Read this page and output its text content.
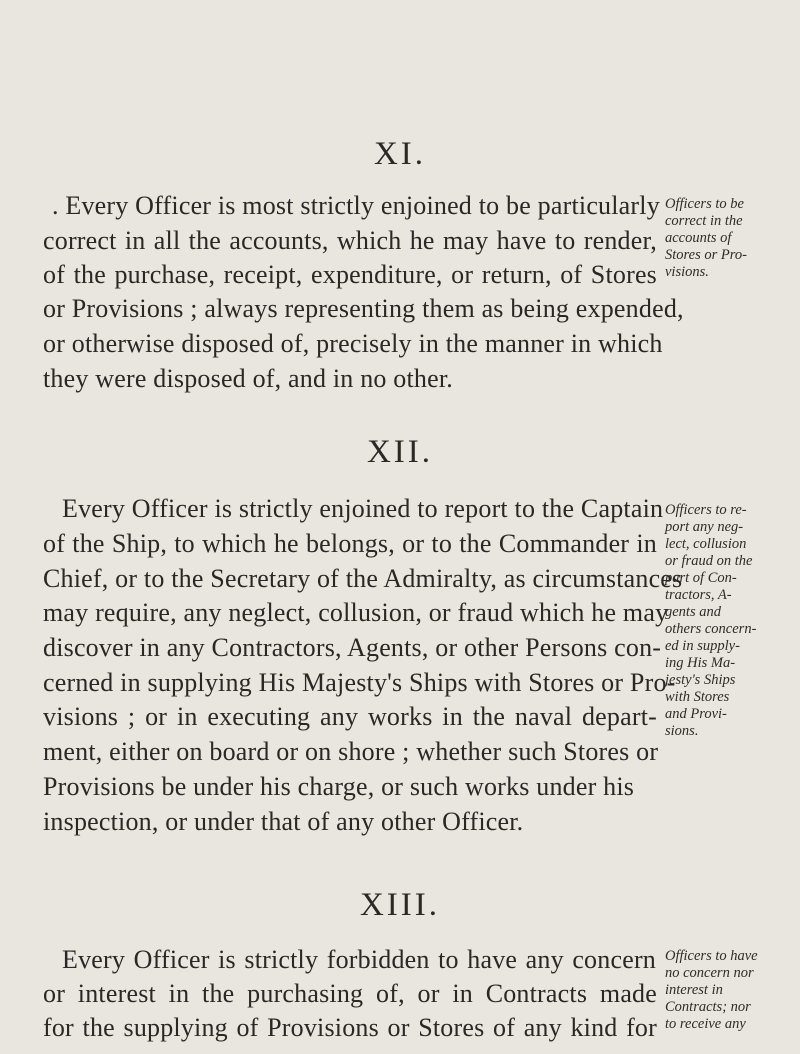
XI.
. Every Officer is most strictly enjoined to be particularly
correct in all the accounts, which he may have to render,
of the purchase, receipt, expenditure, or return, of Stores
or Provisions ; always representing them as being expended,
or otherwise disposed of, precisely in the manner in which
they were disposed of, and in no other.
Officers to be
correct in the
accounts of
Stores or Pro-
visions.
XII.
Every Officer is strictly enjoined to report to the Captain
of the Ship, to which he belongs, or to the Commander in
Chief, or to the Secretary of the Admiralty, as circumstances
may require, any neglect, collusion, or fraud which he may
discover in any Contractors, Agents, or other Persons con-
cerned in supplying His Majesty's Ships with Stores or Pro-
visions ; or in executing any works in the naval depart-
ment, either on board or on shore ; whether such Stores or
Provisions be under his charge, or such works under his
inspection, or under that of any other Officer.
Officers to re-
port any neg-
lect, collusion
or fraud on the
part of Con-
tractors, A-
gents and
others concern-
ed in supply-
ing His Ma-
jesty's Ships
with Stores
and Provi-
sions.
XIII.
Every Officer is strictly forbidden to have any concern
or interest in the purchasing of, or in Contracts made
for the supplying of Provisions or Stores of any kind for
Officers to have
no concern nor
interest in
Contracts; nor
to receive any
